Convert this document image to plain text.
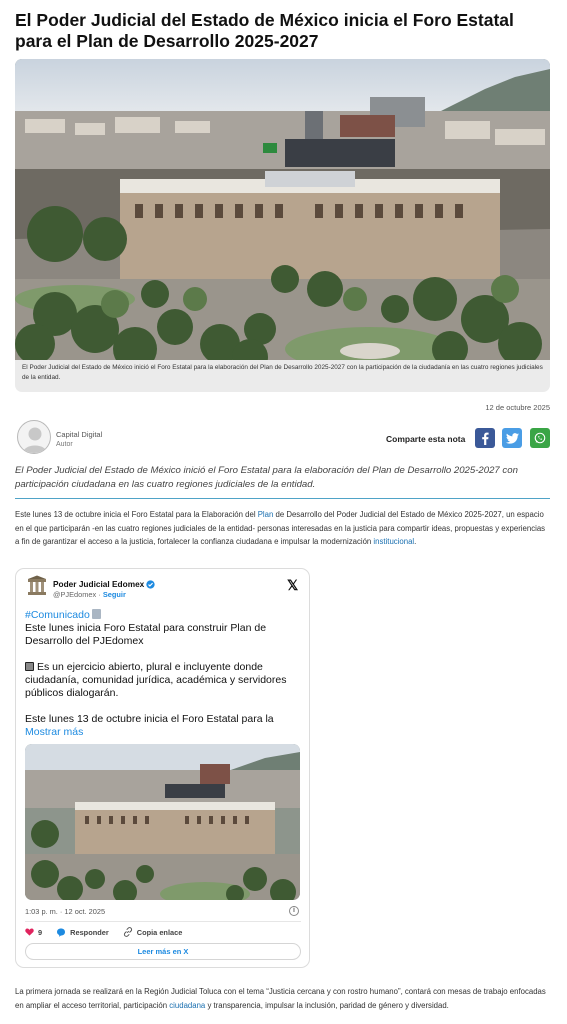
El Poder Judicial del Estado de México inicia el Foro Estatal para el Plan de Desarrollo 2025-2027
El Poder Judicial del Estado de México inició el Foro Estatal para la elaboración del Plan de Desarrollo 2025-2027 con la participación de la ciudadanía en las cuatro regiones judiciales de la entidad.
12 de octubre 2025
Capital Digital
Autor
Comparte esta nota
El Poder Judicial del Estado de México inició el Foro Estatal para la elaboración del Plan de Desarrollo 2025-2027 con participación ciudadana en las cuatro regiones judiciales de la entidad.
Este lunes 13 de octubre inicia el Foro Estatal para la Elaboración del Plan de Desarrollo del Poder Judicial del Estado de México 2025-2027, un espacio en el que participarán -en las cuatro regiones judiciales de la entidad- personas interesadas en la justicia para compartir ideas, propuestas y experiencias a fin de garantizar el acceso a la justicia, fortalecer la confianza ciudadana e impulsar la modernización institucional.
Poder Judicial Edomex
@PJEdomex · Seguir
𝕏
#Comunicado
Este lunes inicia Foro Estatal para construir Plan de Desarrollo del PJEdomex
Es un ejercicio abierto, plural e incluyente donde ciudadanía, comunidad jurídica, académica y servidores públicos dialogarán.
Este lunes 13 de octubre inicia el Foro Estatal para la Mostrar más
1:03 p. m. · 12 oct. 2025	i
9	Responder	Copia enlace
Leer más en X
La primera jornada se realizará en la Región Judicial Toluca con el tema “Justicia cercana y con rostro humano”, contará con mesas de trabajo enfocadas en ampliar el acceso territorial, participación ciudadana y transparencia, impulsar la inclusión, paridad de género y diversidad.
